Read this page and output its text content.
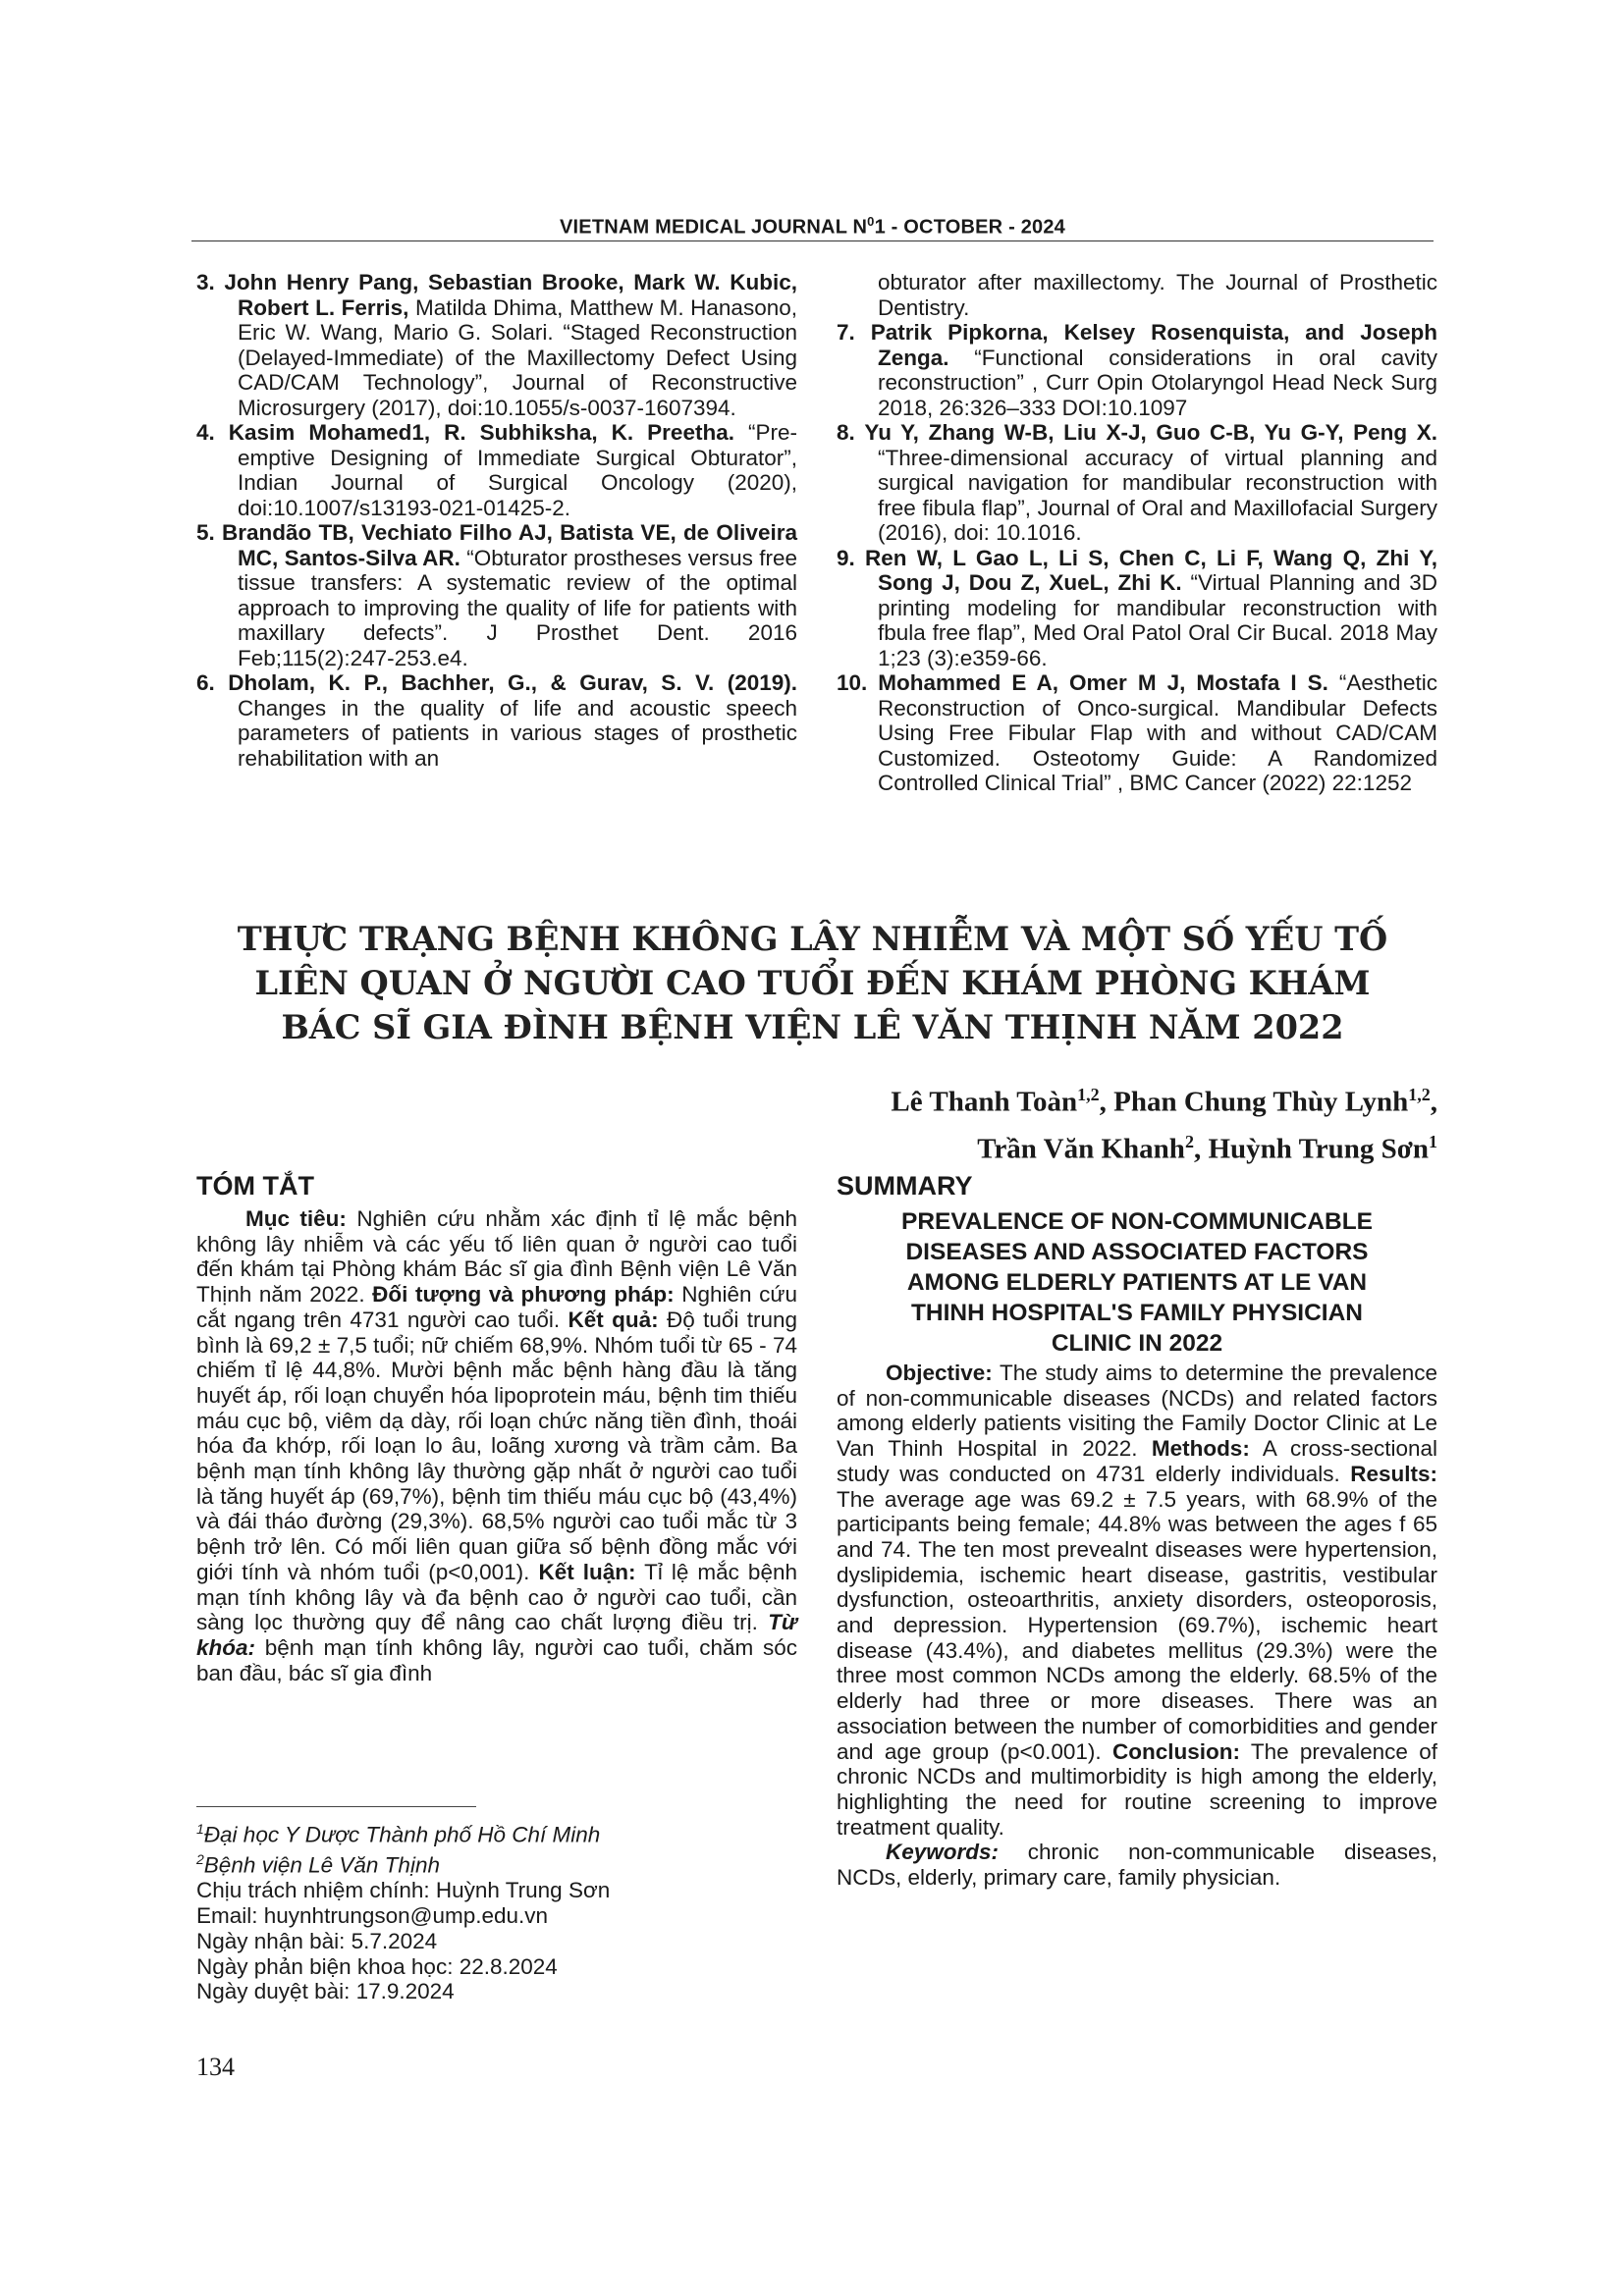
VIETNAM MEDICAL JOURNAL $N^01$ - OCTOBER - 2024

3. John Henry Pang, Sebastian Brooke, Mark W. Kubic, Robert L. Ferris, Matilda Dhima, Matthew M. Hanasono, Eric W. Wang, Mario G. Solari. “Staged Reconstruction (Delayed-Immediate) of the Maxillectomy Defect Using CAD/CAM Technology”, Journal of Reconstructive Microsurgery (2017), doi:10.1055/s-0037-1607394.

4. Kasim Mohamed1, R. Subhiksha, K. Preetha. “Pre-emptive Designing of Immediate Surgical Obturator”, Indian Journal of Surgical Oncology (2020), doi:10.1007/s13193-021-01425-2.

5. Brandão TB, Vechiato Filho AJ, Batista VE, de Oliveira MC, Santos-Silva AR. “Obturator prostheses versus free tissue transfers: A systematic review of the optimal approach to improving the quality of life for patients with maxillary defects”. J Prosthet Dent. 2016 Feb;115(2):247-253.e4.

6. Dholam, K. P., Bachher, G., & Gurav, S. V. (2019). Changes in the quality of life and acoustic speech parameters of patients in various stages of prosthetic rehabilitation with an

obturator after maxillectomy. The Journal of Prosthetic Dentistry.

7. Patrik Pipkorna, Kelsey Rosenquista, and Joseph Zenga. “Functional considerations in oral cavity reconstruction” , Curr Opin Otolaryngol Head Neck Surg 2018, 26:326–333 DOI:10.1097

8. Yu Y, Zhang W-B, Liu X-J, Guo C-B, Yu G-Y, Peng X. “Three-dimensional accuracy of virtual planning and surgical navigation for mandibular reconstruction with free fibula flap”, Journal of Oral and Maxillofacial Surgery (2016), doi: 10.1016.

9. Ren W, L Gao L, Li S, Chen C, Li F, Wang Q, Zhi Y, Song J, Dou Z, XueL, Zhi K. “Virtual Planning and 3D printing modeling for mandibular reconstruction with fbula free flap”, Med Oral Patol Oral Cir Bucal. 2018 May 1;23 (3):e359-66.

10. Mohammed E A, Omer M J, Mostafa I S. “Aesthetic Reconstruction of Onco-surgical. Mandibular Defects Using Free Fibular Flap with and without CAD/CAM Customized. Osteotomy Guide: A Randomized Controlled Clinical Trial” , BMC Cancer (2022) 22:1252

THỰC TRẠNG BỆNH KHÔNG LÂY NHIỄM VÀ MỘT SỐ YẾU TỐ
LIÊN QUAN Ở NGƯỜI CAO TUỔI ĐẾN KHÁM PHÒNG KHÁM
BÁC SĨ GIA ĐÌNH BỆNH VIỆN LÊ VĂN THỊNH NĂM 2022
Lê Thanh Toàn$^{1,2}$, Phan Chung Thùy Lynh$^{1,2}$,
Trần Văn Khanh$^2$, Huỳnh Trung Sơn$^1$
TÓM TẮT

Mục tiêu: Nghiên cứu nhằm xác định tỉ lệ mắc bệnh không lây nhiễm và các yếu tố liên quan ở người cao tuổi đến khám tại Phòng khám Bác sĩ gia đình Bệnh viện Lê Văn Thịnh năm 2022. Đối tượng và phương pháp: Nghiên cứu cắt ngang trên 4731 người cao tuổi. Kết quả: Độ tuổi trung bình là 69,2 ± 7,5 tuổi; nữ chiếm 68,9%. Nhóm tuổi từ 65 - 74 chiếm tỉ lệ 44,8%. Mười bệnh mắc bệnh hàng đầu là tăng huyết áp, rối loạn chuyển hóa lipoprotein máu, bệnh tim thiếu máu cục bộ, viêm dạ dày, rối loạn chức năng tiền đình, thoái hóa đa khớp, rối loạn lo âu, loãng xương và trầm cảm. Ba bệnh mạn tính không lây thường gặp nhất ở người cao tuổi là tăng huyết áp (69,7%), bệnh tim thiếu máu cục bộ (43,4%) và đái tháo đường (29,3%). 68,5% người cao tuổi mắc từ 3 bệnh trở lên. Có mối liên quan giữa số bệnh đồng mắc với giới tính và nhóm tuổi (p<0,001). Kết luận: Tỉ lệ mắc bệnh mạn tính không lây và đa bệnh cao ở người cao tuổi, cần sàng lọc thường quy để nâng cao chất lượng điều trị. Từ khóa: bệnh mạn tính không lây, người cao tuổi, chăm sóc ban đầu, bác sĩ gia đình

$^1$Đại học Y Dược Thành phố Hồ Chí Minh

$^2$Bệnh viện Lê Văn Thịnh

Chịu trách nhiệm chính: Huỳnh Trung Sơn

Email: huynhtrungson@ump.edu.vn

Ngày nhận bài: 5.7.2024

Ngày phản biện khoa học: 22.8.2024

Ngày duyệt bài: 17.9.2024

SUMMARY
PREVALENCE OF NON-COMMUNICABLE
DISEASES AND ASSOCIATED FACTORS
AMONG ELDERLY PATIENTS AT LE VAN
THINH HOSPITAL'S FAMILY PHYSICIAN
CLINIC IN 2022

Objective: The study aims to determine the prevalence of non-communicable diseases (NCDs) and related factors among elderly patients visiting the Family Doctor Clinic at Le Van Thinh Hospital in 2022. Methods: A cross-sectional study was conducted on 4731 elderly individuals. Results: The average age was 69.2 ± 7.5 years, with 68.9% of the participants being female; 44.8% was between the ages f 65 and 74. The ten most prevealnt diseases were hypertension, dyslipidemia, ischemic heart disease, gastritis, vestibular dysfunction, osteoarthritis, anxiety disorders, osteoporosis, and depression. Hypertension (69.7%), ischemic heart disease (43.4%), and diabetes mellitus (29.3%) were the three most common NCDs among the elderly. 68.5% of the elderly had three or more diseases. There was an association between the number of comorbidities and gender and age group (p<0.001). Conclusion: The prevalence of chronic NCDs and multimorbidity is high among the elderly, highlighting the need for routine screening to improve treatment quality.

Keywords: chronic non-communicable diseases, NCDs, elderly, primary care, family physician.

134
